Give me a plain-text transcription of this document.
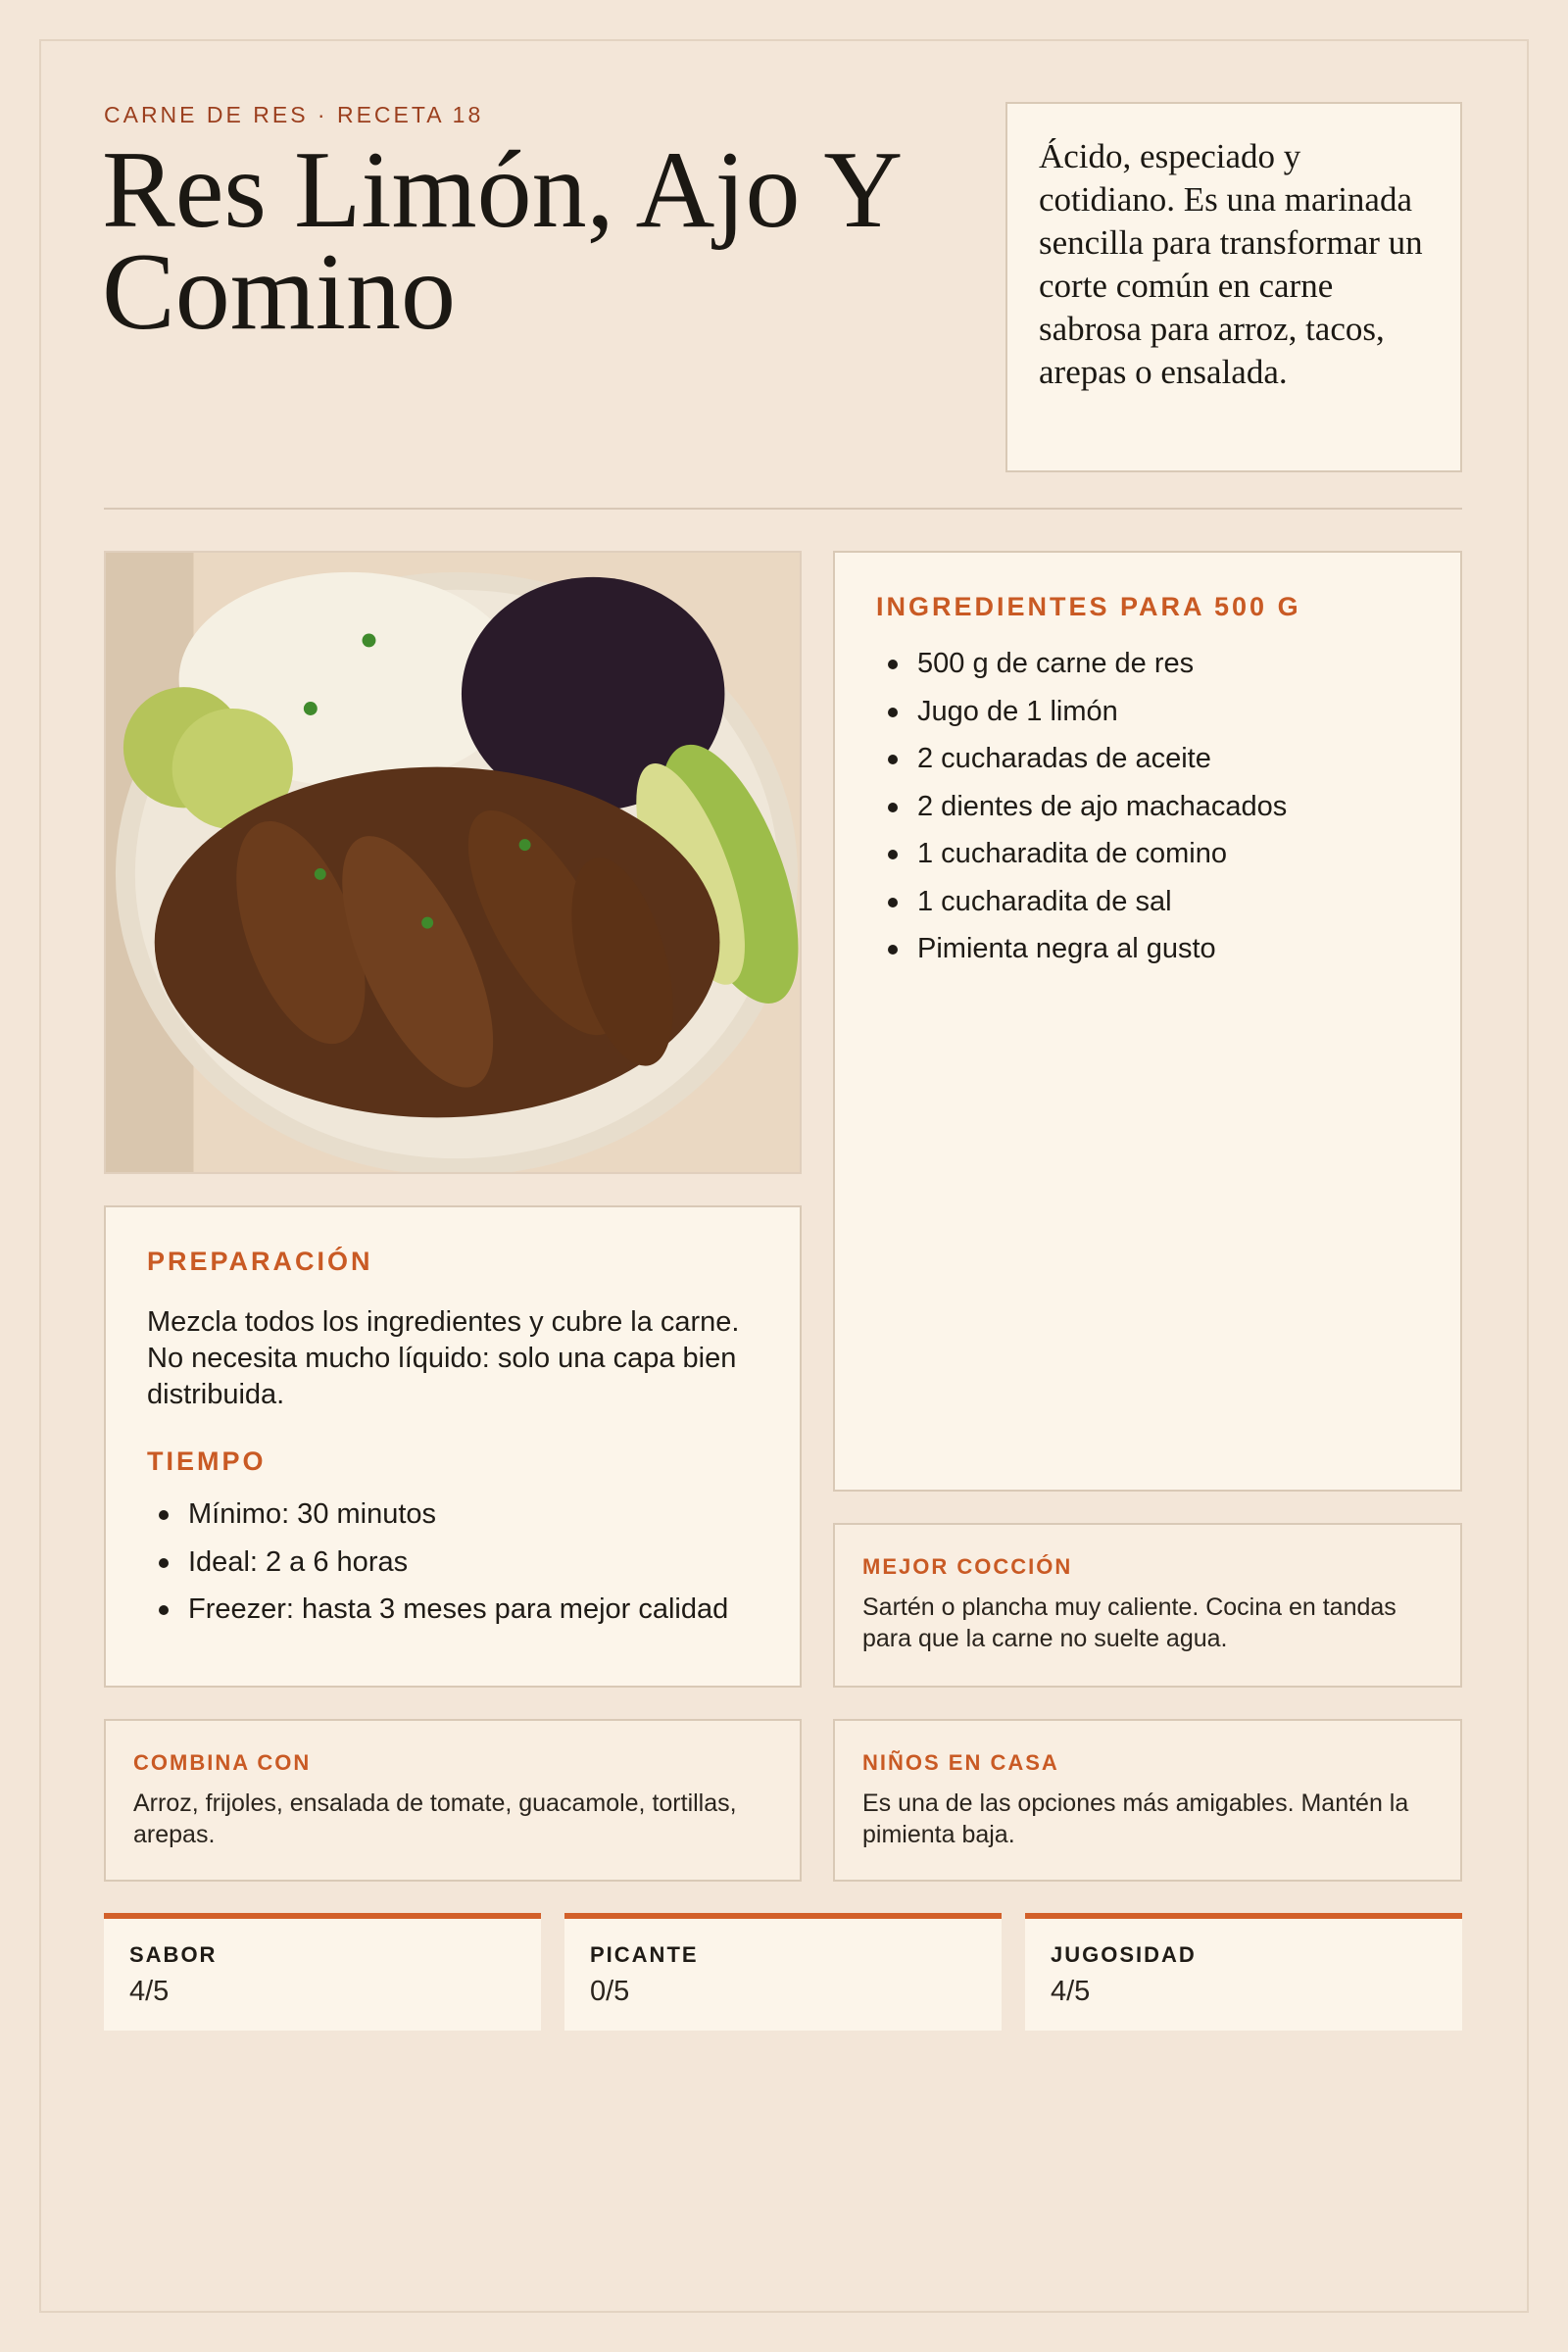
CARNE DE RES · RECETA 18
Res Limón, Ajo Y Comino
Ácido, especiado y cotidiano. Es una marinada sencilla para transformar un corte común en carne sabrosa para arroz, tacos, arepas o ensalada.
INGREDIENTES PARA 500 G
500 g de carne de res
Jugo de 1 limón
2 cucharadas de aceite
2 dientes de ajo machacados
1 cucharadita de comino
1 cucharadita de sal
Pimienta negra al gusto
PREPARACIÓN

Mezcla todos los ingredientes y cubre la carne. No necesita mucho líquido: solo una capa bien distribuida.

TIEMPO
Mínimo: 30 minutos
Ideal: 2 a 6 horas
Freezer: hasta 3 meses para mejor calidad
MEJOR COCCIÓN

Sartén o plancha muy caliente. Cocina en tandas para que la carne no suelte agua.

COMBINA CON

Arroz, frijoles, ensalada de tomate, guacamole, tortillas, arepas.

NIÑOS EN CASA

Es una de las opciones más amigables. Mantén la pimienta baja.

SABOR
4/5
PICANTE
0/5
JUGOSIDAD
4/5
